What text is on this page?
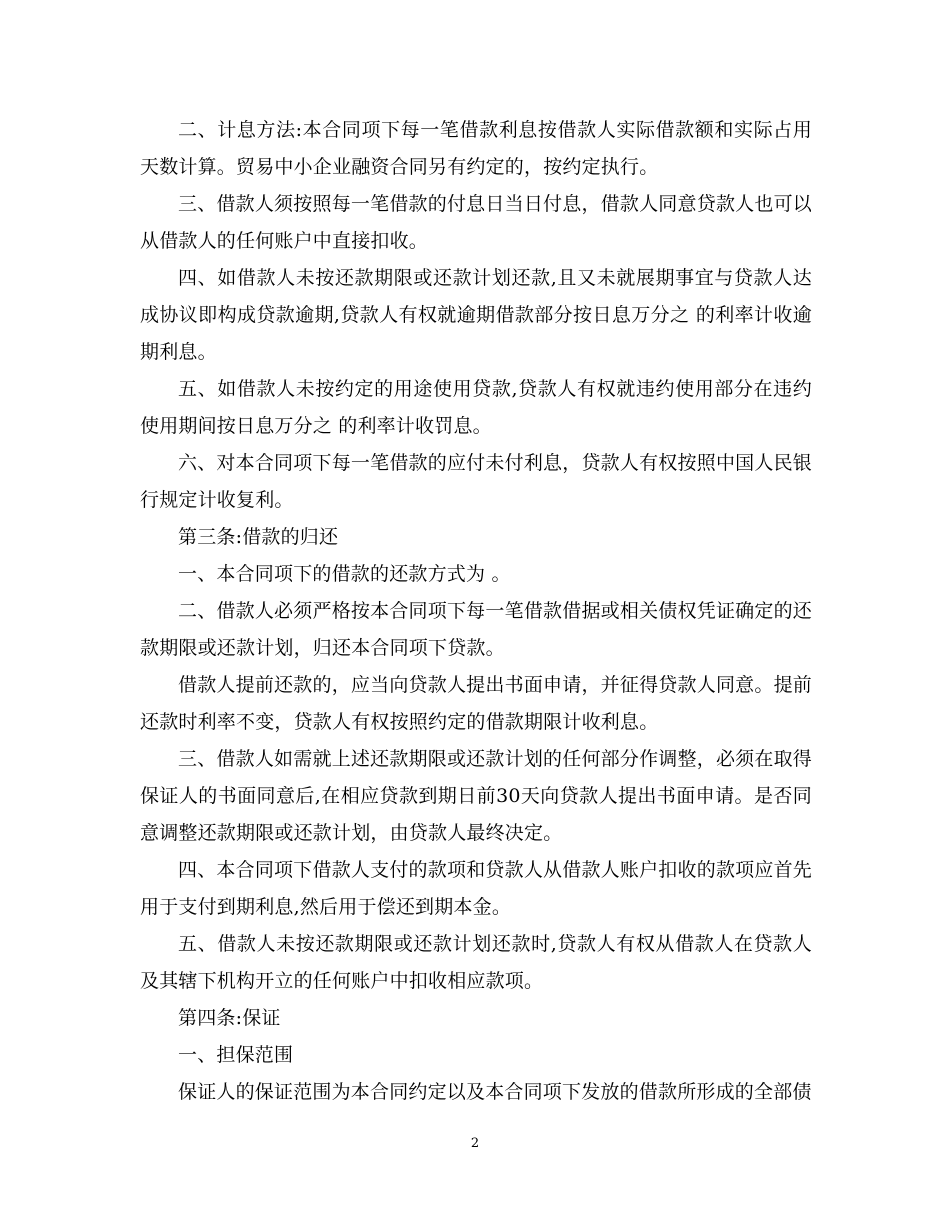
二、计息方法:本合同项下每一笔借款利息按借款人实际借款额和实际占用天数计算。贸易中小企业融资合同另有约定的，按约定执行。

三、借款人须按照每一笔借款的付息日当日付息，借款人同意贷款人也可以从借款人的任何账户中直接扣收。

四、如借款人未按还款期限或还款计划还款,且又未就展期事宜与贷款人达成协议即构成贷款逾期,贷款人有权就逾期借款部分按日息万分之 的利率计收逾期利息。

五、如借款人未按约定的用途使用贷款,贷款人有权就违约使用部分在违约使用期间按日息万分之 的利率计收罚息。

六、对本合同项下每一笔借款的应付未付利息，贷款人有权按照中国人民银行规定计收复利。

第三条:借款的归还

一、本合同项下的借款的还款方式为 。

二、借款人必须严格按本合同项下每一笔借款借据或相关债权凭证确定的还款期限或还款计划，归还本合同项下贷款。

借款人提前还款的，应当向贷款人提出书面申请，并征得贷款人同意。提前还款时利率不变，贷款人有权按照约定的借款期限计收利息。

三、借款人如需就上述还款期限或还款计划的任何部分作调整，必须在取得保证人的书面同意后,在相应贷款到期日前30天向贷款人提出书面申请。是否同意调整还款期限或还款计划，由贷款人最终决定。

四、本合同项下借款人支付的款项和贷款人从借款人账户扣收的款项应首先用于支付到期利息,然后用于偿还到期本金。

五、借款人未按还款期限或还款计划还款时,贷款人有权从借款人在贷款人及其辖下机构开立的任何账户中扣收相应款项。

第四条:保证

一、担保范围

保证人的保证范围为本合同约定以及本合同项下发放的借款所形成的全部债

2
